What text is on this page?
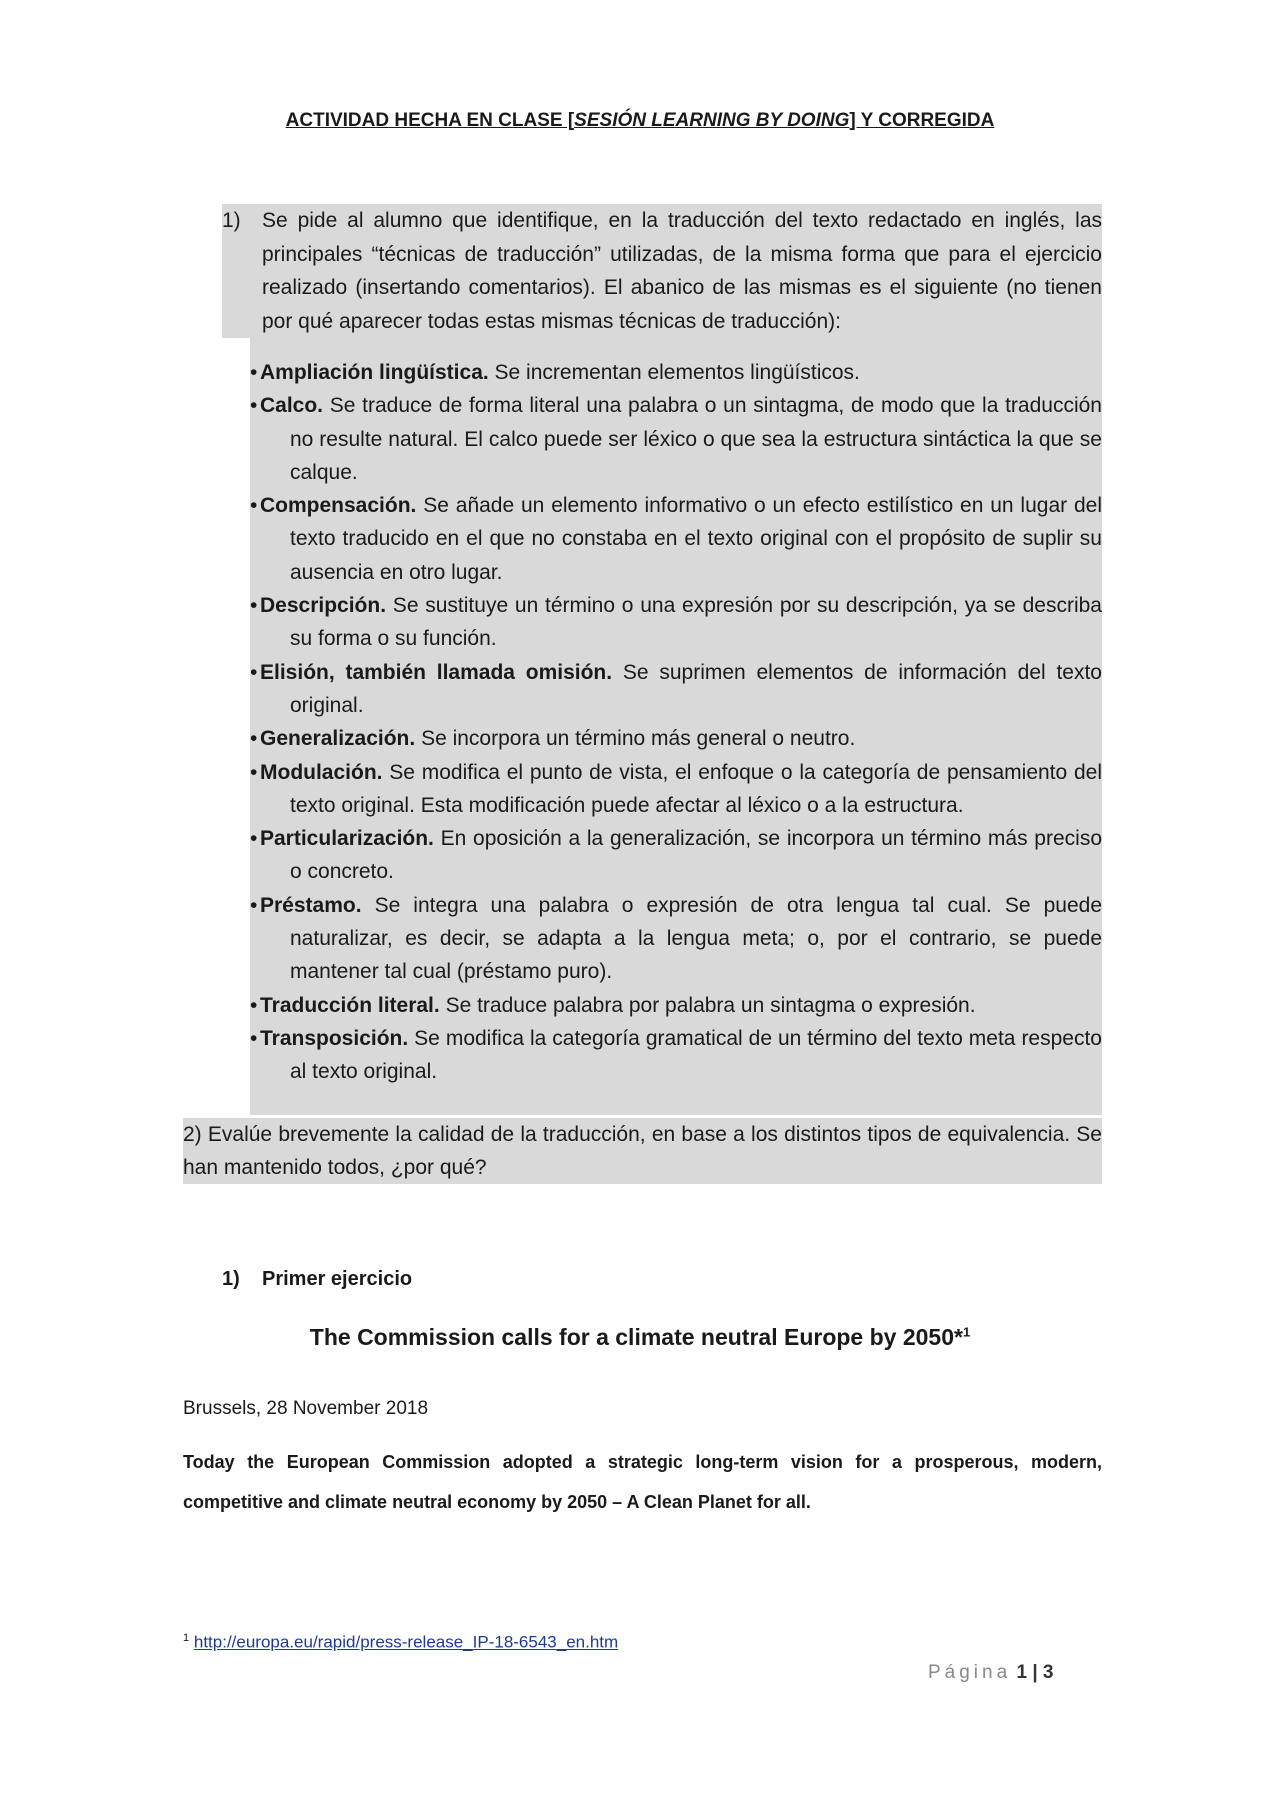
ACTIVIDAD HECHA EN CLASE [SESIÓN LEARNING BY DOING] Y CORREGIDA
1) Se pide al alumno que identifique, en la traducción del texto redactado en inglés, las principales “técnicas de traducción” utilizadas, de la misma forma que para el ejercicio realizado (insertando comentarios). El abanico de las mismas es el siguiente (no tienen por qué aparecer todas estas mismas técnicas de traducción):
• Ampliación lingüística. Se incrementan elementos lingüísticos.
• Calco. Se traduce de forma literal una palabra o un sintagma, de modo que la traducción no resulte natural. El calco puede ser léxico o que sea la estructura sintáctica la que se calque.
• Compensación. Se añade un elemento informativo o un efecto estilístico en un lugar del texto traducido en el que no constaba en el texto original con el propósito de suplir su ausencia en otro lugar.
• Descripción. Se sustituye un término o una expresión por su descripción, ya se describa su forma o su función.
• Elisión, también llamada omisión. Se suprimen elementos de información del texto original.
• Generalización. Se incorpora un término más general o neutro.
• Modulación. Se modifica el punto de vista, el enfoque o la categoría de pensamiento del texto original. Esta modificación puede afectar al léxico o a la estructura.
• Particularización. En oposición a la generalización, se incorpora un término más preciso o concreto.
• Préstamo. Se integra una palabra o expresión de otra lengua tal cual. Se puede naturalizar, es decir, se adapta a la lengua meta; o, por el contrario, se puede mantener tal cual (préstamo puro).
• Traducción literal. Se traduce palabra por palabra un sintagma o expresión.
• Transposición. Se modifica la categoría gramatical de un término del texto meta respecto al texto original.
2) Evalúe brevemente la calidad de la traducción, en base a los distintos tipos de equivalencia. Se han mantenido todos, ¿por qué?
1) Primer ejercicio
The Commission calls for a climate neutral Europe by 2050*$^1$
Brussels, 28 November 2018
Today the European Commission adopted a strategic long-term vision for a prosperous, modern, competitive and climate neutral economy by 2050 – A Clean Planet for all.
$^1$ http://europa.eu/rapid/press-release_IP-18-6543_en.htm
Página 1 | 3
